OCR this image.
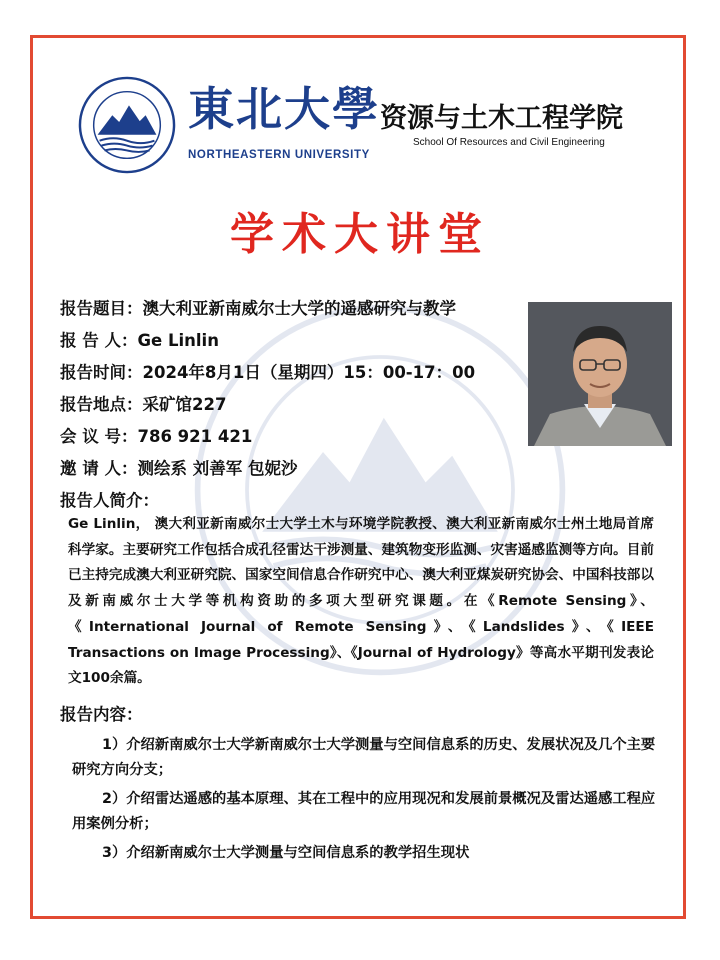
東北大學
NORTHEASTERN UNIVERSITY
资源与土木工程学院
School Of Resources and Civil Engineering
学术大讲堂
报告题目：澳大利亚新南威尔士大学的遥感研究与教学
报 告 人：Ge Linlin
报告时间：2024年8月1日（星期四）15：00-17：00
报告地点：采矿馆227
会 议 号：786 921 421
邀 请 人：测绘系 刘善军 包妮沙
报告人简介：
Ge Linlin， 澳大利亚新南威尔士大学土木与环境学院教授、澳大利亚新南威尔士州土地局首席科学家。主要研究工作包括合成孔径雷达干涉测量、建筑物变形监测、灾害遥感监测等方向。目前已主持完成澳大利亚研究院、国家空间信息合作研究中心、澳大利亚煤炭研究协会、中国科技部以及新南威尔士大学等机构资助的多项大型研究课题。在《Remote Sensing》、《International Journal of Remote Sensing》、《Landslides》、《IEEE Transactions on Image Processing》、《Journal of Hydrology》等高水平期刊发表论文100余篇。
报告内容：

1）介绍新南威尔士大学新南威尔士大学测量与空间信息系的历史、发展状况及几个主要研究方向分支；

2）介绍雷达遥感的基本原理、其在工程中的应用现况和发展前景概况及雷达遥感工程应用案例分析；

3）介绍新南威尔士大学测量与空间信息系的教学招生现状
